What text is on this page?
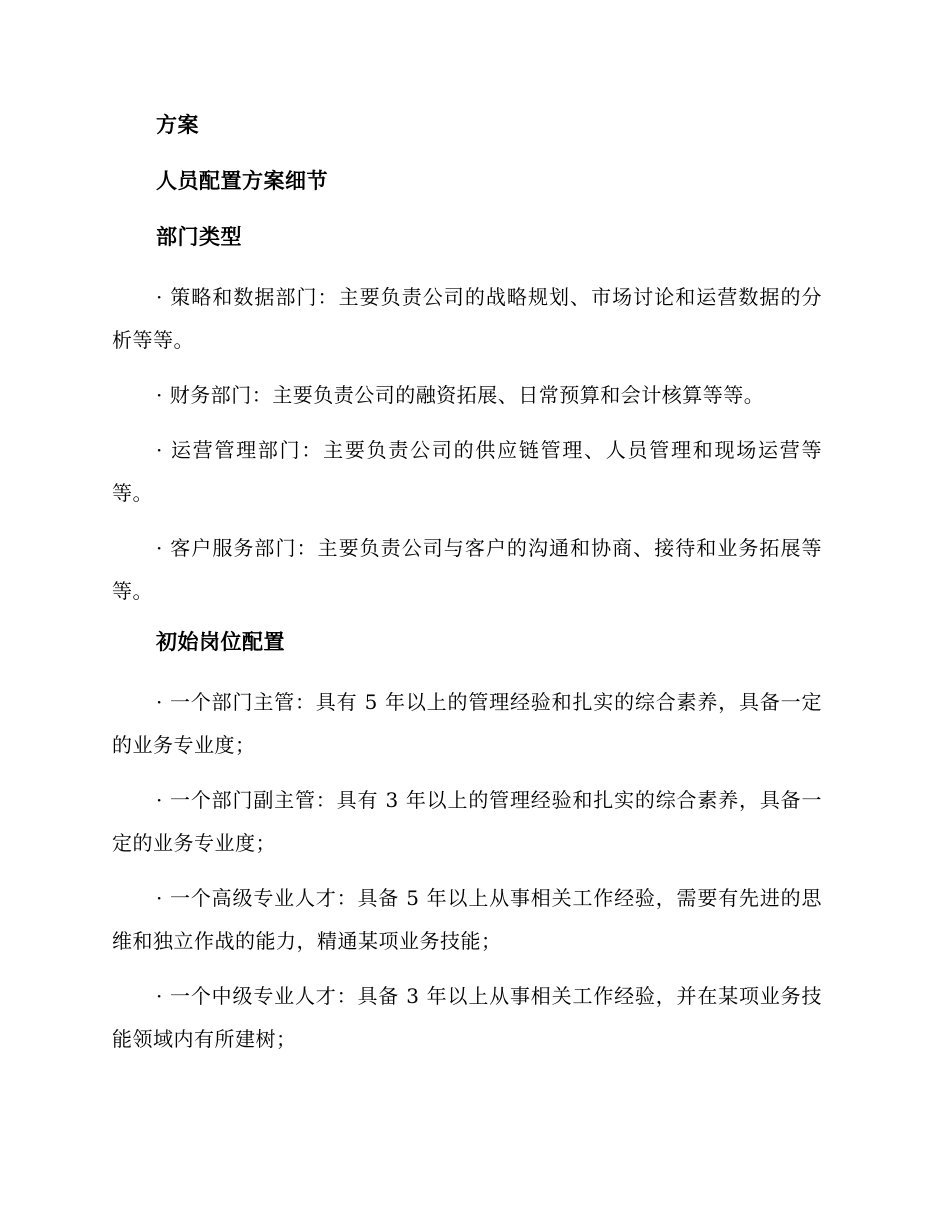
方案
人员配置方案细节
部门类型

· 策略和数据部门：主要负责公司的战略规划、市场讨论和运营数据的分析等等。

· 财务部门：主要负责公司的融资拓展、日常预算和会计核算等等。

· 运营管理部门：主要负责公司的供应链管理、人员管理和现场运营等等。

· 客户服务部门：主要负责公司与客户的沟通和协商、接待和业务拓展等等。

初始岗位配置

· 一个部门主管：具有 5 年以上的管理经验和扎实的综合素养，具备一定的业务专业度；

· 一个部门副主管：具有 3 年以上的管理经验和扎实的综合素养，具备一定的业务专业度；

· 一个高级专业人才：具备 5 年以上从事相关工作经验，需要有先进的思维和独立作战的能力，精通某项业务技能；

· 一个中级专业人才：具备 3 年以上从事相关工作经验，并在某项业务技能领域内有所建树；
